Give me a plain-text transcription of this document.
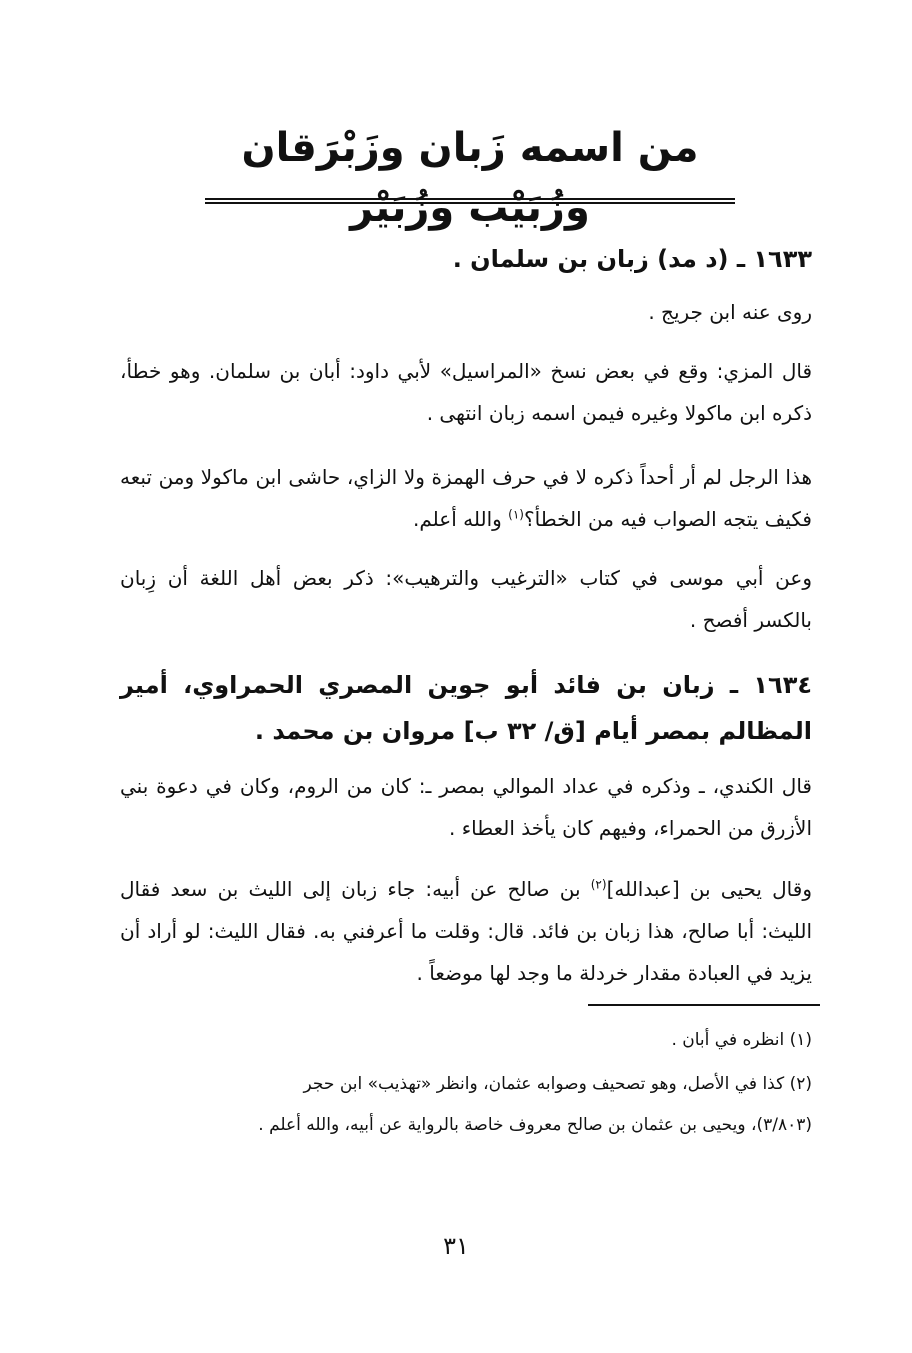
من اسمه زَبان وزَبْرَقان وزُبَيْب وزُبَيْر
١٦٣٣ ـ (د مد) زبان بن سلمان .
روى عنه ابن جريج .
قال المزي: وقع في بعض نسخ «المراسيل» لأبي داود: أبان بن سلمان. وهو خطأ، ذكره ابن ماكولا وغيره فيمن اسمه زبان انتهى .
هذا الرجل لم أر أحداً ذكره لا في حرف الهمزة ولا الزاي، حاشى ابن ماكولا ومن تبعه فكيف يتجه الصواب فيه من الخطأ؟$^{(١)}$ والله أعلم.
وعن أبي موسى في كتاب «الترغيب والترهيب»: ذكر بعض أهل اللغة أن زِبان بالكسر أفصح .
١٦٣٤ ـ زبان بن فائد أبو جوين المصري الحمراوي، أمير المظالم بمصر أيام [ق/ ٣٢ ب] مروان بن محمد .
قال الكندي، ـ وذكره في عداد الموالي بمصر ـ: كان من الروم، وكان في دعوة بني الأزرق من الحمراء، وفيهم كان يأخذ العطاء .
وقال يحيى بن [عبدالله]$^{(٢)}$ بن صالح عن أبيه: جاء زبان إلى الليث بن سعد فقال الليث: أبا صالح، هذا زبان بن فائد. قال: وقلت ما أعرفني به. فقال الليث: لو أراد أن يزيد في العبادة مقدار خردلة ما وجد لها موضعاً .
(١) انظره في أبان .
(٢) كذا في الأصل، وهو تصحيف وصوابه عثمان، وانظر «تهذيب» ابن حجر
(٣/٨٠٣)، ويحيى بن عثمان بن صالح معروف خاصة بالرواية عن أبيه، والله أعلم .
٣١
